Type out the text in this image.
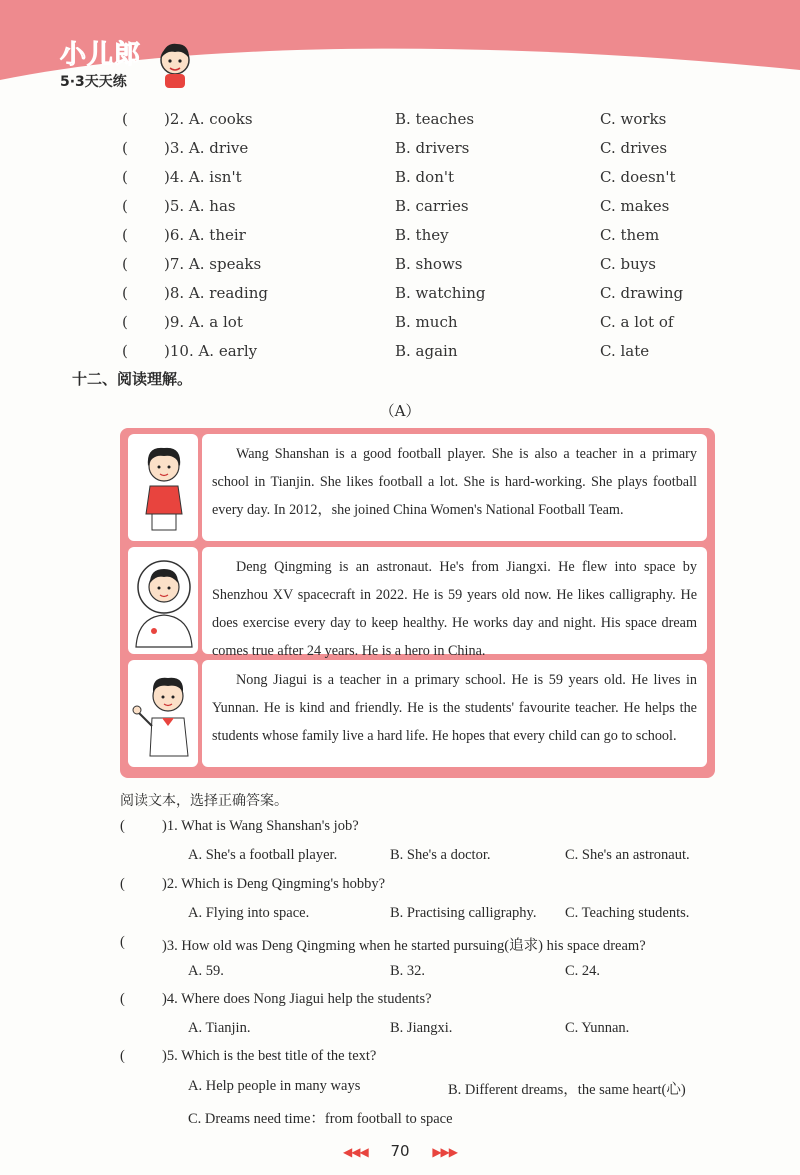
小儿郎
5·3天天练
( )2. A. cooks	B. teaches	C. works
( )3. A. drive	B. drivers	C. drives
( )4. A. isn't	B. don't	C. doesn't
( )5. A. has	B. carries	C. makes
( )6. A. their	B. they	C. them
( )7. A. speaks	B. shows	C. buys
( )8. A. reading	B. watching	C. drawing
( )9. A. a lot	B. much	C. a lot of
( )10. A. early	B. again	C. late
十二、阅读理解。
（A）

Wang Shanshan is a good football player. She is also a teacher in a primary school in Tianjin. She likes football a lot. She is hard-working. She plays football every day. In 2012，she joined China Women's National Football Team.

Deng Qingming is an astronaut. He's from Jiangxi. He flew into space by Shenzhou XV spacecraft in 2022. He is 59 years old now. He likes calligraphy. He does exercise every day to keep healthy. He works day and night. His space dream comes true after 24 years. He is a hero in China.

Nong Jiagui is a teacher in a primary school. He is 59 years old. He lives in Yunnan. He is kind and friendly. He is the students' favourite teacher. He helps the students whose family live a hard life. He hopes that every child can go to school.

阅读文本，选择正确答案。
(	)1. What is Wang Shanshan's job?
A. She's a football player.	B. She's a doctor.	C. She's an astronaut.
(	)2. Which is Deng Qingming's hobby?
A. Flying into space.	B. Practising calligraphy. C. Teaching students.
(	)3. How old was Deng Qingming when he started pursuing(追求) his space dream?
A. 59.	B. 32.	C. 24.
(	)4. Where does Nong Jiagui help the students?
A. Tianjin.	B. Jiangxi.	C. Yunnan.
(	)5. Which is the best title of the text?
A. Help people in many ways	B. Different dreams，the same heart(心)
C. Dreams need time：from football to space
◀◀◀ 70 ▶▶▶
